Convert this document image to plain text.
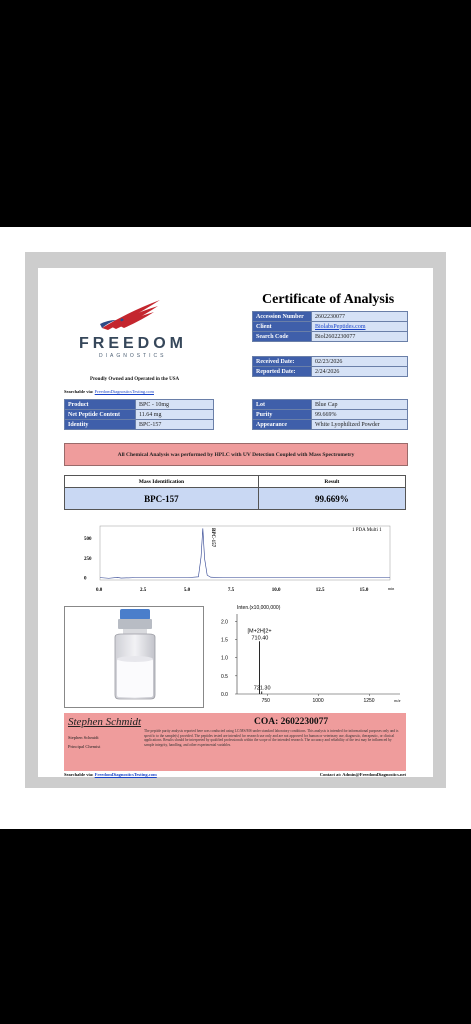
FREEDOM
DIAGNOSTICS
Proudly Owned and Operated in the USA
Searchable via: FreedomDiagnosticsTesting.com
Certificate of Analysis
Accession Number	2602230077
Client	BiolabsPeptides.com
Search Code	Biol2602230077
Received Date:	02/23/2026
Reported Date:	2/24/2026
Product	BPC - 10mg
Net Peptide Content	11.64 mg
Identity	BPC-157
Lot	Blue Cap
Purity	99.669%
Appearance	White Lyophilized Powder
All Chemical Analysis was performed by HPLC with UV Detection Coupled with Mass Spectrometry
Mass Identification	Result
BPC-157	99.669%
0
250
500
0.0	2.5	5.0	7.5	10.0	12.5	15.0	min
1 PDA Multi 1
BPC-157
Inten.(x10,000,000)
0.0
0.5
1.0
1.5
2.0
750	1000	1250	m/z
710.40
721.30
[M+2H]2+
Stephen Schmidt	COA: 2602230077
Stephen Schmidt
Principal Chemist
The peptide purity analysis reported here was conducted using LC/MS/MS under standard laboratory conditions. This analysis is intended for informational purposes only and is specific to the sample(s) provided. The peptides tested are intended for research use only and are not approved for human or veterinary use, diagnostic, therapeutic, or clinical applications. Results should be interpreted by qualified professionals within the scope of the intended research. The accuracy and reliability of the test may be influenced by sample integrity, handling, and other experimental variables.
Searchable via: FreedomDiagnosticsTesting.com	Contact at: Admin@FreedomDiagnostics.net
